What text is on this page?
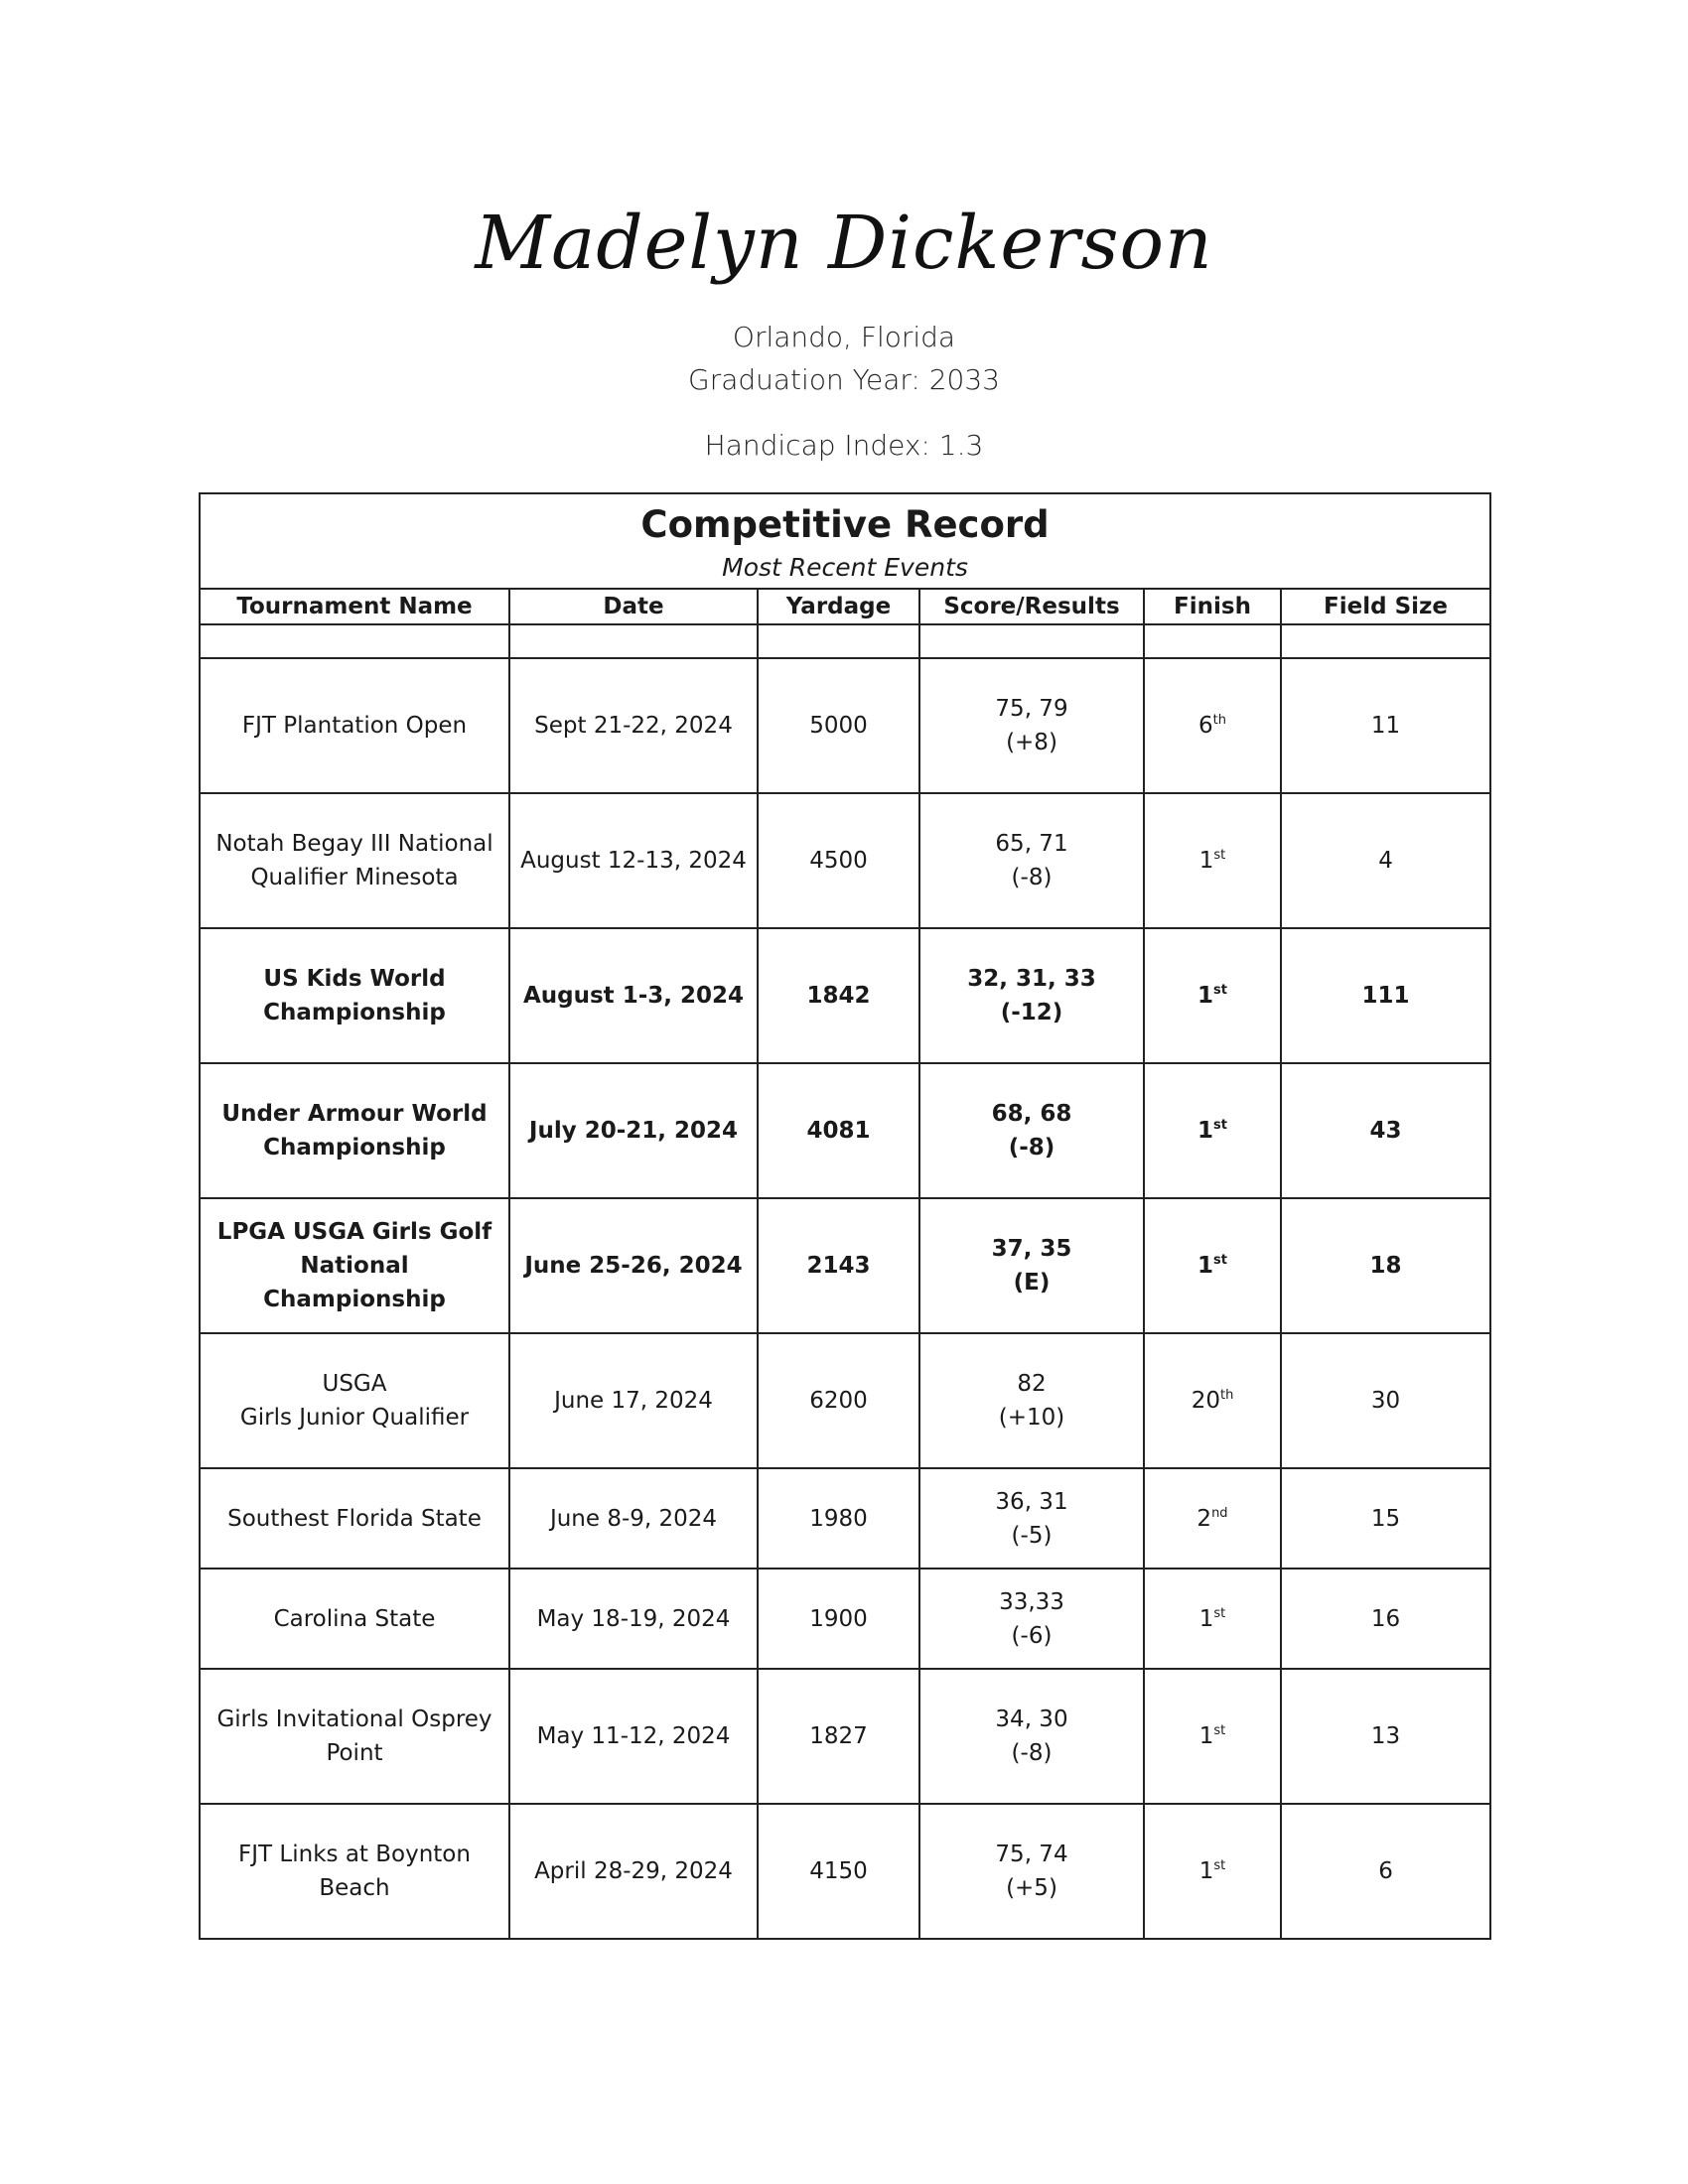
Madelyn Dickerson
Orlando, Florida
Graduation Year: 2033
Handicap Index: 1.3
Competitive Record
Most Recent Events					

Tournament Name	Date	Yardage	Score/Results	Finish	Field Size

FJT Plantation Open	Sept 21-22, 2024	5000	75, 79
(+8)	6th	11

Notah Begay III National
Qualifier Minesota	August 12-13, 2024	4500	65, 71
(-8)	1st	4

US Kids World
Championship	August 1-3, 2024	1842	32, 31, 33
(-12)	1st	111

Under Armour World
Championship	July 20-21, 2024	4081	68, 68
(-8)	1st	43

LPGA USGA Girls Golf
National Championship	June 25-26, 2024	2143	37, 35
(E)	1st	18

USGA
Girls Junior Qualifier	June 17, 2024	6200	82
(+10)	20th	30

Southest Florida State	June 8-9, 2024	1980	36, 31
(-5)	2nd	15

Carolina State	May 18-19, 2024	1900	33,33
(-6)	1st	16

Girls Invitational Osprey
Point	May 11-12, 2024	1827	34, 30
(-8)	1st	13

FJT Links at Boynton
Beach	April 28-29, 2024	4150	75, 74
(+5)	1st	6
